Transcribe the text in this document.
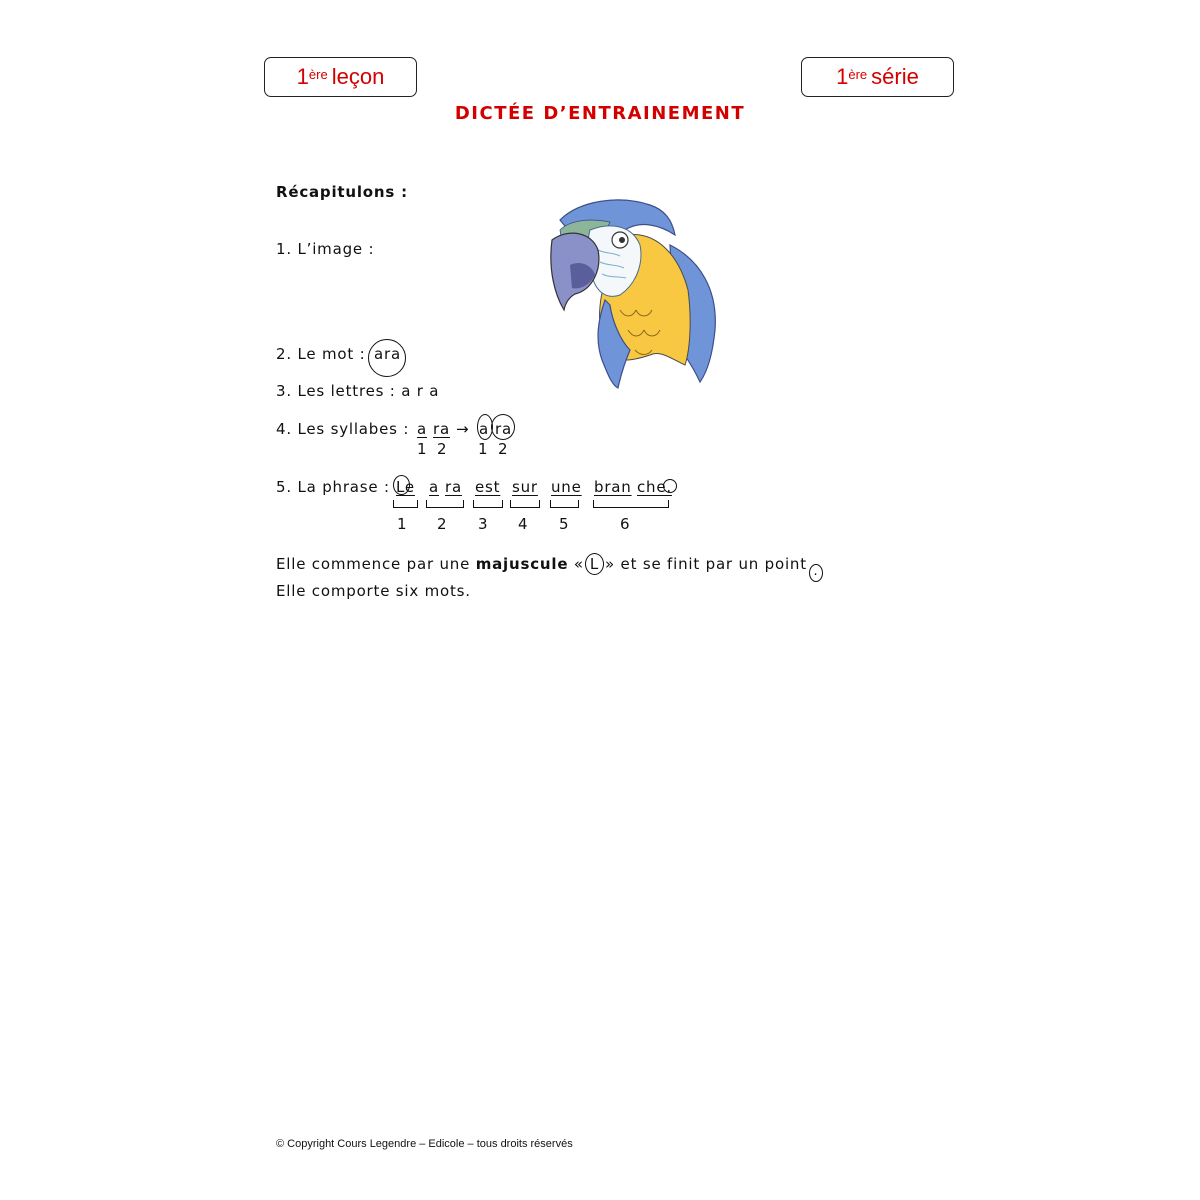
1ère leçon	1ère série
DICTÉE D’ENTRAINEMENT
Récapitulons :
1. L’image :
2. Le mot : ara
3. Les lettres : a r a
4. Les syllabes : a ra → a ra
1 2 1 2
5. La phrase : Le a ra est sur une bran che.
1 2 3 4 5	6
Elle commence par une majuscule « L » et se finit par un point .
Elle comporte six mots.
© Copyright Cours Legendre – Edicole – tous droits réservés
